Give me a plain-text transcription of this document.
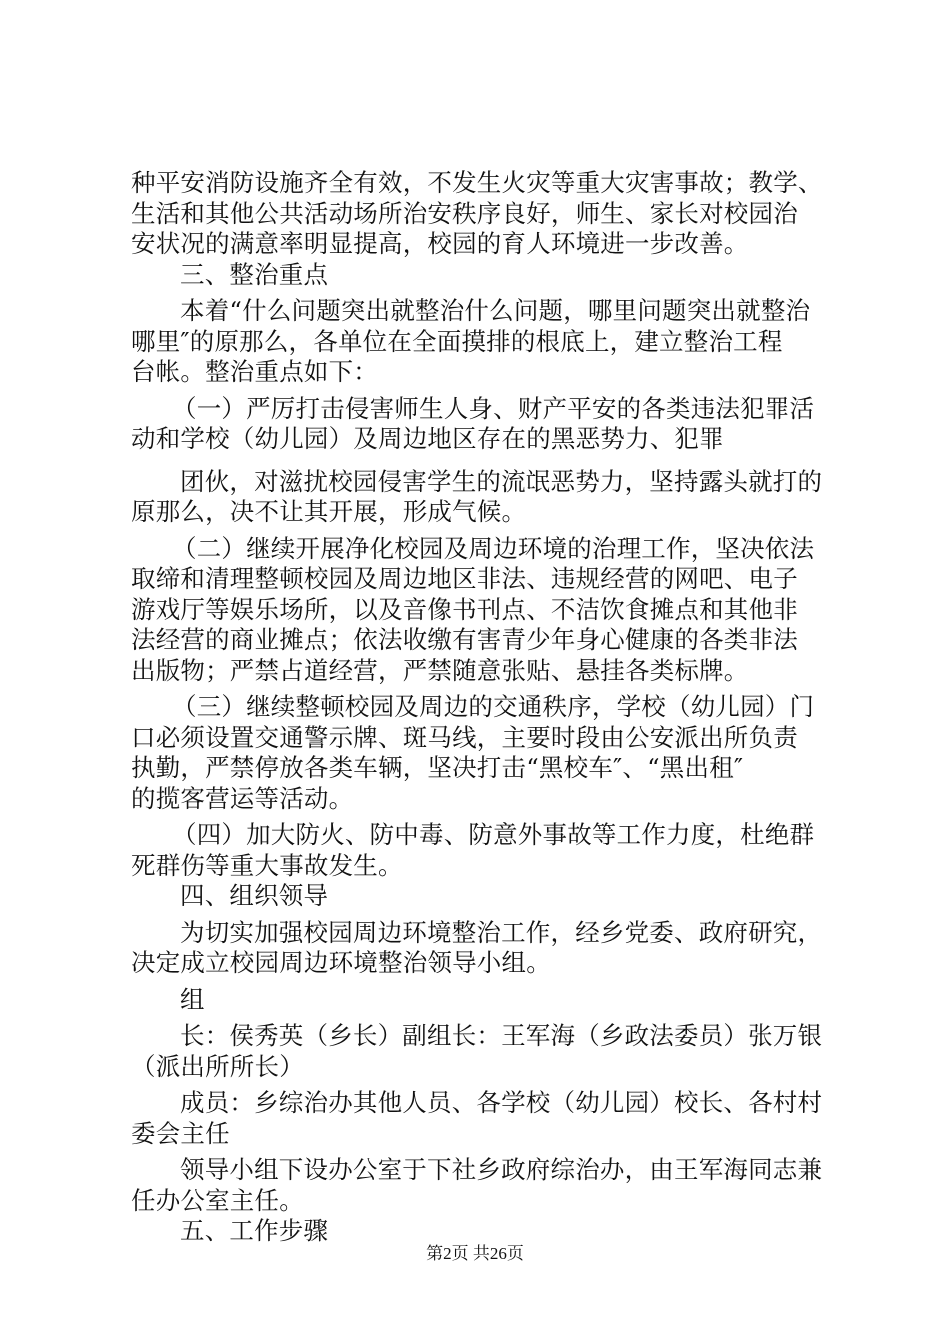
种平安消防设施齐全有效，不发生火灾等重大灾害事故；教学、
生活和其他公共活动场所治安秩序良好，师生、家长对校园治
安状况的满意率明显提高，校园的育人环境进一步改善。
三、整治重点
本着“什么问题突出就整治什么问题，哪里问题突出就整治
哪里″的原那么，各单位在全面摸排的根底上，建立整治工程
台帐。整治重点如下：
（一）严厉打击侵害师生人身、财产平安的各类违法犯罪活
动和学校（幼儿园）及周边地区存在的黑恶势力、犯罪
团伙，对滋扰校园侵害学生的流氓恶势力，坚持露头就打的
原那么，决不让其开展，形成气候。
（二）继续开展净化校园及周边环境的治理工作，坚决依法
取缔和清理整顿校园及周边地区非法、违规经营的网吧、电子
游戏厅等娱乐场所，以及音像书刊点、不洁饮食摊点和其他非
法经营的商业摊点；依法收缴有害青少年身心健康的各类非法
出版物；严禁占道经营，严禁随意张贴、悬挂各类标牌。
（三）继续整顿校园及周边的交通秩序，学校（幼儿园）门
口必须设置交通警示牌、斑马线，主要时段由公安派出所负责
执勤，严禁停放各类车辆，坚决打击“黑校车″、“黑出租″
的揽客营运等活动。
（四）加大防火、防中毒、防意外事故等工作力度，杜绝群
死群伤等重大事故发生。
四、组织领导
为切实加强校园周边环境整治工作，经乡党委、政府研究，
决定成立校园周边环境整治领导小组。
组
长：侯秀英（乡长）副组长：王军海（乡政法委员）张万银
（派出所所长）
成员：乡综治办其他人员、各学校（幼儿园）校长、各村村
委会主任
领导小组下设办公室于下社乡政府综治办，由王军海同志兼
任办公室主任。
五、工作步骤
第2页 共26页
